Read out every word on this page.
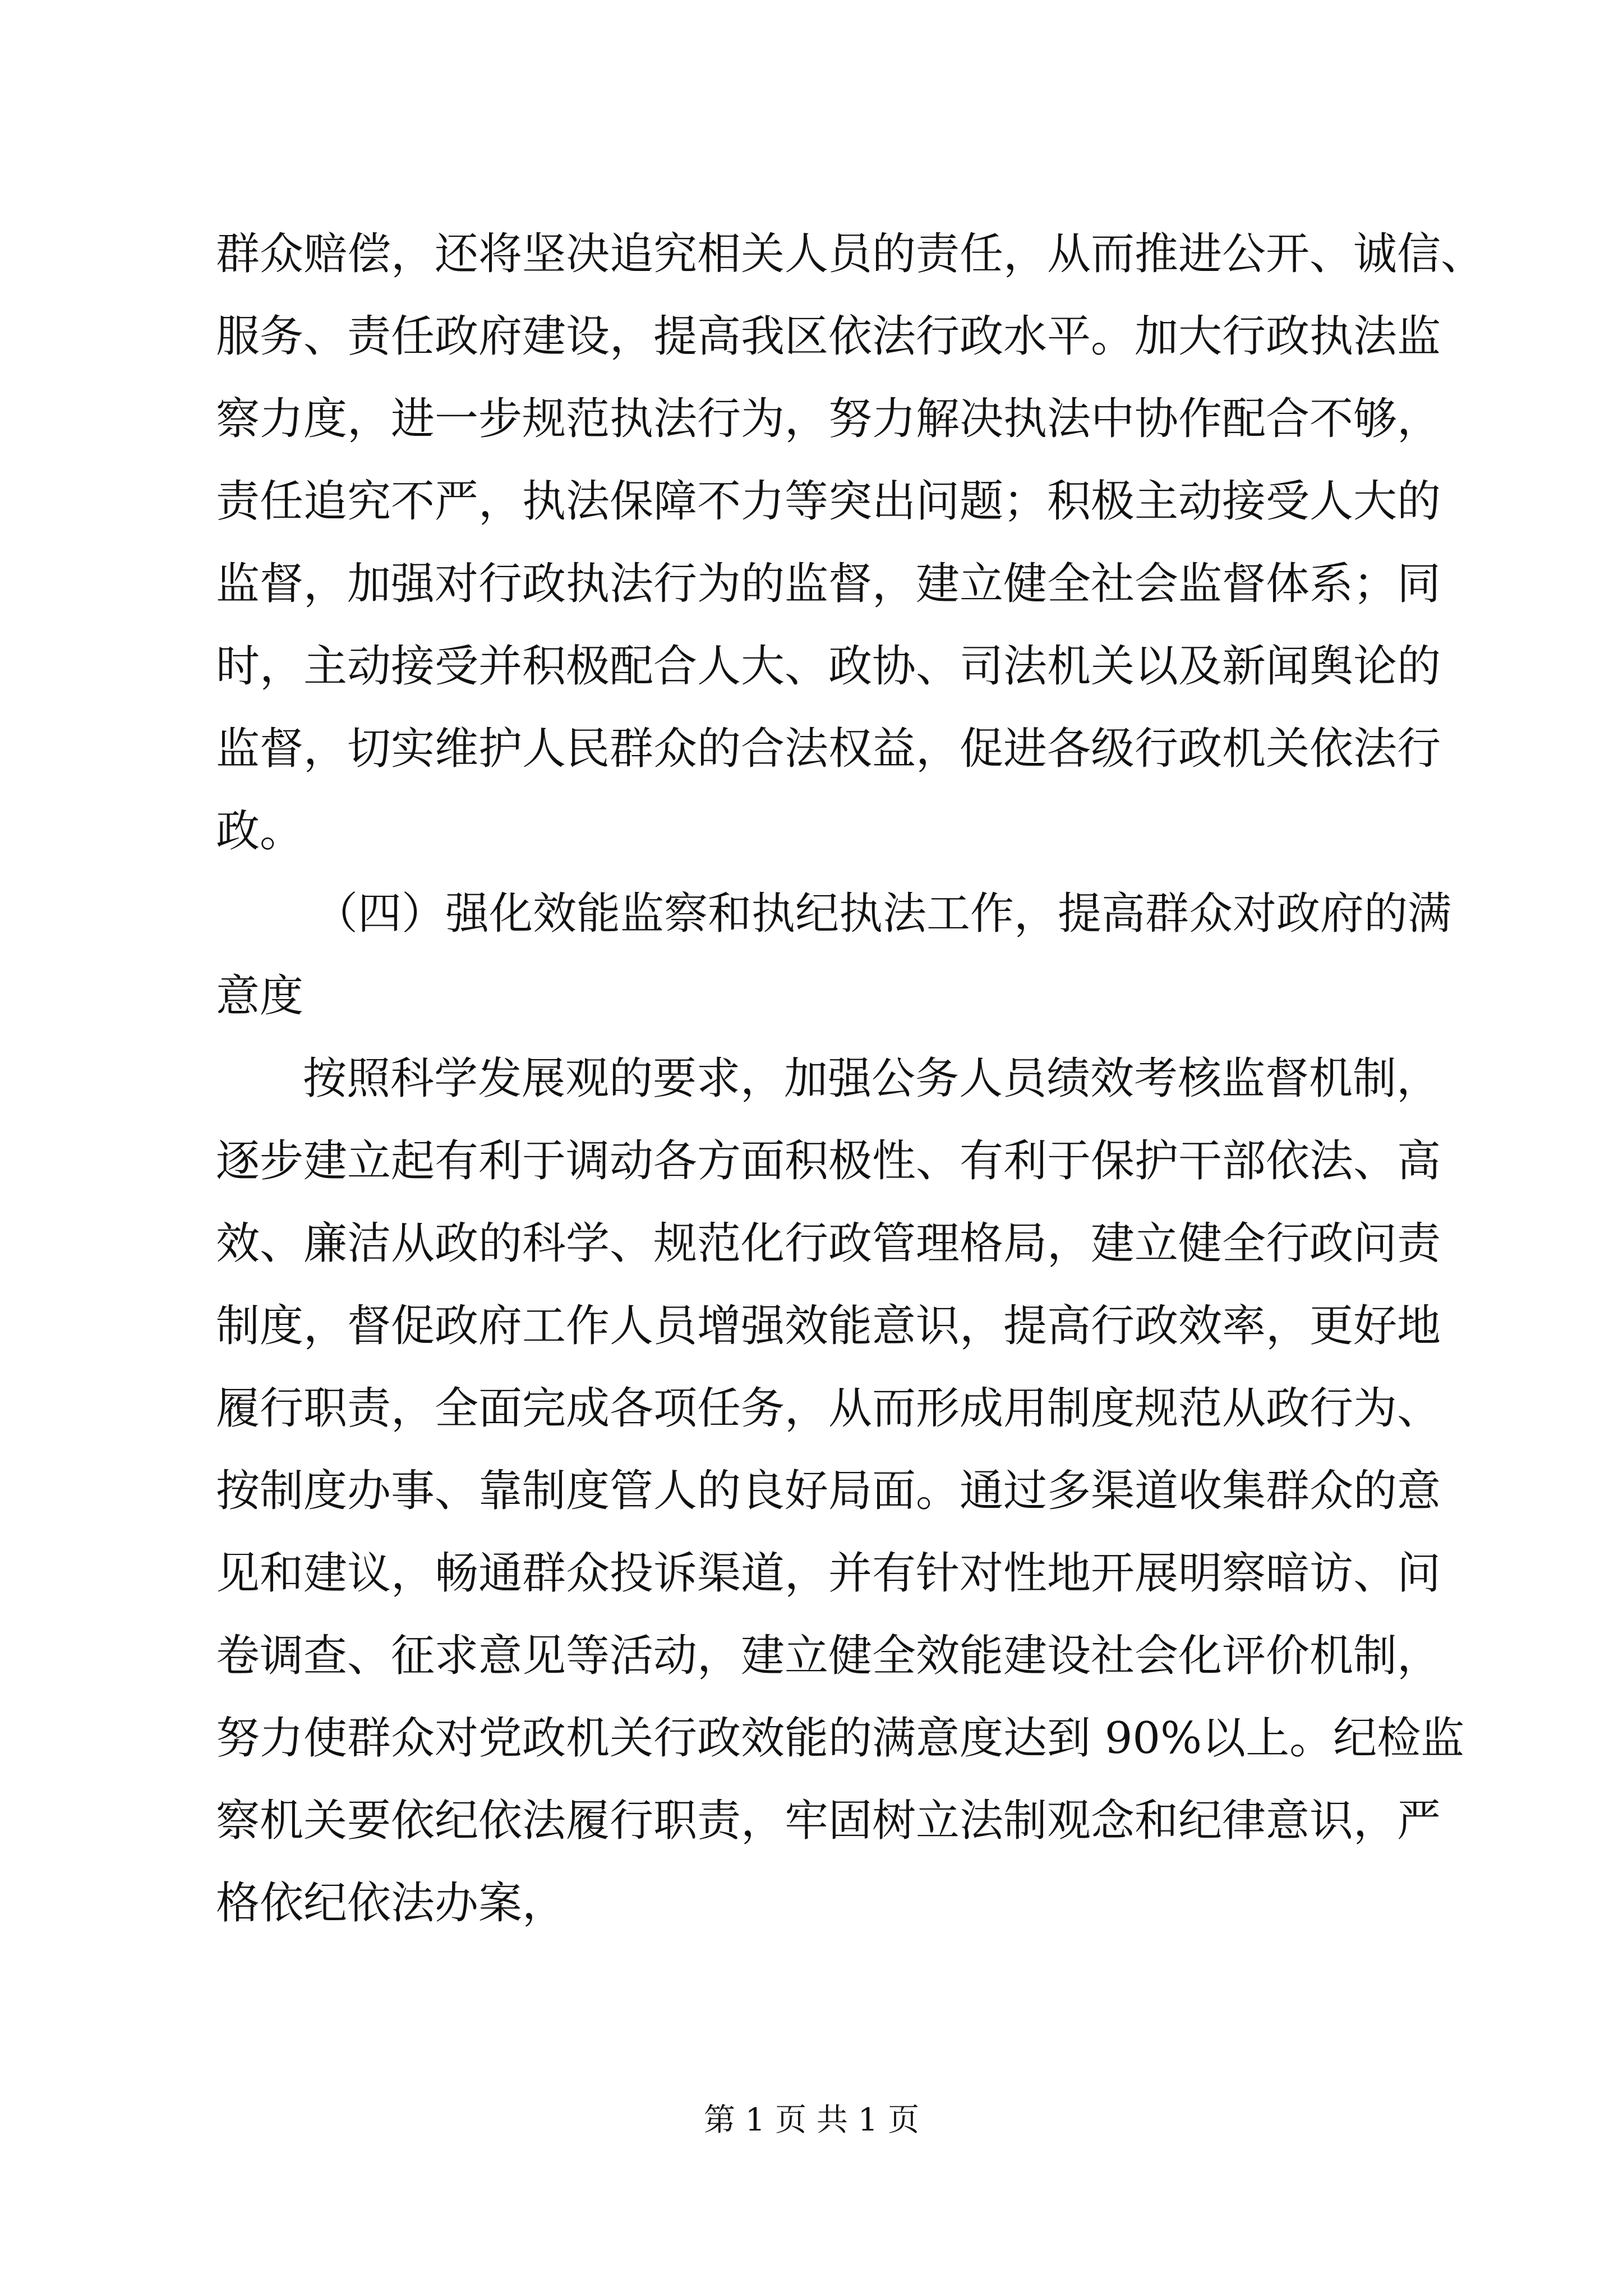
群众赔偿，还将坚决追究相关人员的责任，从而推进公开、诚信、
服务、责任政府建设，提高我区依法行政水平。加大行政执法监
察力度，进一步规范执法行为，努力解决执法中协作配合不够，
责任追究不严，执法保障不力等突出问题；积极主动接受人大的
监督，加强对行政执法行为的监督，建立健全社会监督体系；同
时，主动接受并积极配合人大、政协、司法机关以及新闻舆论的
监督，切实维护人民群众的合法权益，促进各级行政机关依法行
政。
（四）强化效能监察和执纪执法工作，提高群众对政府的满
意度
按照科学发展观的要求，加强公务人员绩效考核监督机制，
逐步建立起有利于调动各方面积极性、有利于保护干部依法、高
效、廉洁从政的科学、规范化行政管理格局，建立健全行政问责
制度，督促政府工作人员增强效能意识，提高行政效率，更好地
履行职责，全面完成各项任务，从而形成用制度规范从政行为、
按制度办事、靠制度管人的良好局面。通过多渠道收集群众的意
见和建议，畅通群众投诉渠道，并有针对性地开展明察暗访、问
卷调查、征求意见等活动，建立健全效能建设社会化评价机制，
努力使群众对党政机关行政效能的满意度达到 90%以上。纪检监
察机关要依纪依法履行职责，牢固树立法制观念和纪律意识，严
格依纪依法办案，
第 1 页 共 1 页
